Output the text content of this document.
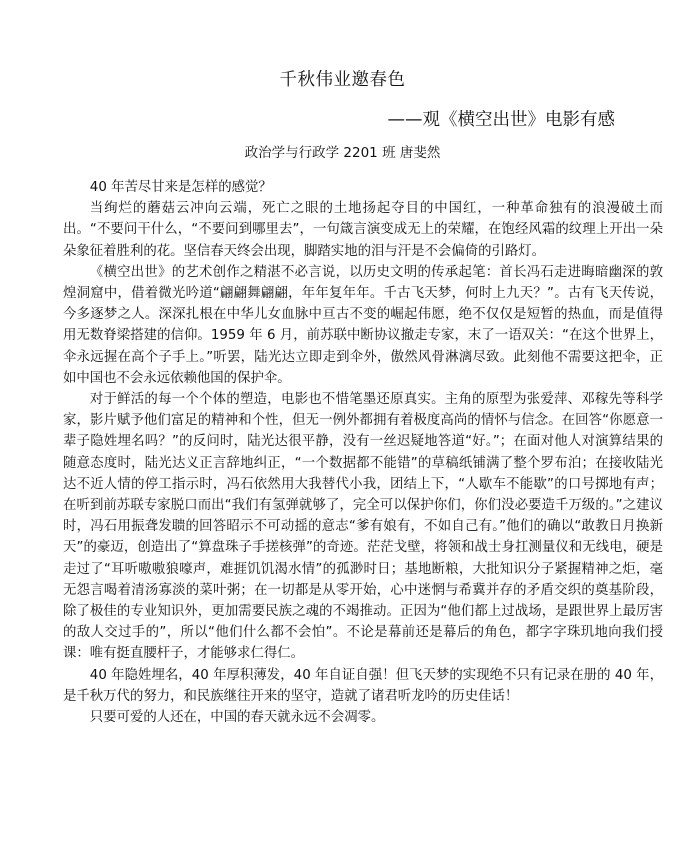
千秋伟业邀春色
——观《横空出世》电影有感
政治学与行政学 2201 班 唐斐然

40 年苦尽甘来是怎样的感觉？

当绚烂的蘑菇云冲向云端，死亡之眼的土地扬起夺目的中国红，一种革命独有的浪漫破土而出。“不要问干什么，“不要问到哪里去”，一句箴言演变成无上的荣耀，在饱经风霜的纹理上开出一朵朵象征着胜利的花。坚信春天终会出现，脚踏实地的泪与汗是不会偏倚的引路灯。

《横空出世》的艺术创作之精湛不必言说，以历史文明的传承起笔：首长冯石走进晦暗幽深的敦煌洞窟中，借着微光吟道“翩翩舞翩翩，年年复年年。千古飞天梦，何时上九天？”。古有飞天传说，今多逐梦之人。深深扎根在中华儿女血脉中亘古不变的崛起伟愿，绝不仅仅是短暂的热血，而是值得用无数脊梁搭建的信仰。1959 年 6 月，前苏联中断协议撤走专家，末了一语双关：“在这个世界上，伞永远握在高个子手上。”听罢，陆光达立即走到伞外，傲然风骨淋漓尽致。此刻他不需要这把伞，正如中国也不会永远依赖他国的保护伞。

对于鲜活的每一个个体的塑造，电影也不惜笔墨还原真实。主角的原型为张爱萍、邓稼先等科学家，影片赋予他们富足的精神和个性，但无一例外都拥有着极度高尚的情怀与信念。在回答“你愿意一辈子隐姓埋名吗？”的反问时，陆光达很平静，没有一丝迟疑地答道“好。”；在面对他人对演算结果的随意态度时，陆光达义正言辞地纠正，“一个数据都不能错”的草稿纸铺满了整个罗布泊；在接收陆光达不近人情的停工指示时，冯石依然用大我替代小我，团结上下，“人歇车不能歇”的口号掷地有声；在听到前苏联专家脱口而出“我们有氢弹就够了，完全可以保护你们，你们没必要造千万级的。”之建议时，冯石用振聋发聩的回答昭示不可动摇的意志“爹有娘有，不如自己有。”他们的确以“敢教日月换新天”的豪迈，创造出了“算盘珠子手搓核弹”的奇迹。茫茫戈壁，将领和战士身扛测量仪和无线电，硬是走过了“耳听嗷嗷狼嚎声，难捱饥饥渴水情”的孤渺时日；基地断粮，大批知识分子紧握精神之炬，毫无怨言喝着清汤寡淡的菜叶粥；在一切都是从零开始，心中迷惘与希冀并存的矛盾交织的奠基阶段，除了极佳的专业知识外，更加需要民族之魂的不竭推动。正因为“他们都上过战场，是跟世界上最厉害的敌人交过手的”，所以“他们什么都不会怕”。不论是幕前还是幕后的角色，都字字珠玑地向我们授课：唯有挺直腰杆子，才能够求仁得仁。

40 年隐姓埋名，40 年厚积薄发，40 年自证自强！但飞天梦的实现绝不只有记录在册的 40 年，是千秋万代的努力，和民族继往开来的坚守，造就了诸君听龙吟的历史佳话！

只要可爱的人还在，中国的春天就永远不会凋零。
